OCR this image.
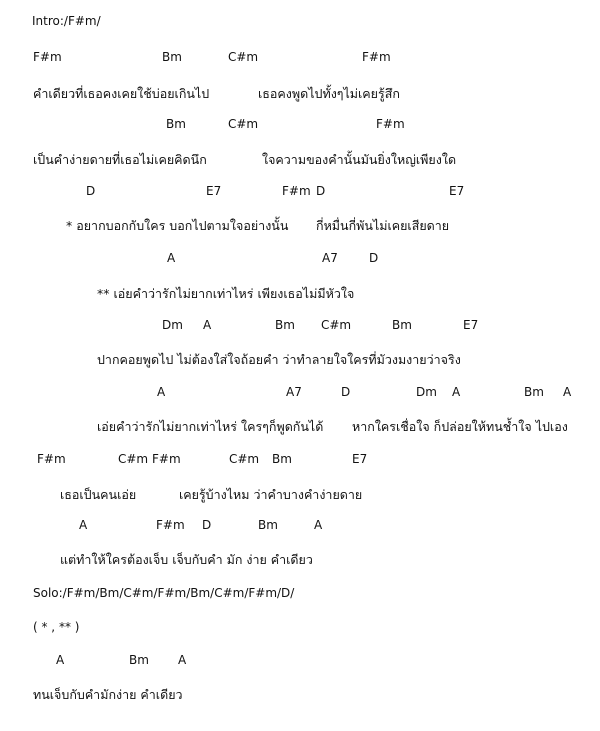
Intro:/F#m/
F#m	Bm	C#m	F#m
คำเดียวที่เธอคงเคยใช้บ่อยเกินไป	เธอคงพูดไปทั้งๆไม่เคยรู้สึก
Bm	C#m	F#m
เป็นคำง่ายดายที่เธอไม่เคยคิดนึก	ใจความของคำนั้นมันยิ่งใหญ่เพียงใด
D	E7	F#m D	E7
* อยากบอกกับใคร บอกไปตามใจอย่างนั้น กี่หมื่นกี่พันไม่เคยเสียดาย
A	A7	D
** เอ่ยคำว่ารักไม่ยากเท่าไหร่ เพียงเธอไม่มีหัวใจ
Dm A	Bm C#m	Bm	E7
ปากคอยพูดไป ไม่ต้องใส่ใจถ้อยคำ ว่าทำลายใจใครที่มัวงมงายว่าจริง
A	A7	D	Dm A	Bm A
เอ่ยคำว่ารักไม่ยากเท่าไหร่ ใครๆก็พูดกันได้ หากใครเชื่อใจ ก็ปล่อยให้ทนช้ำใจ ไปเอง
F#m	C#m F#m	C#m Bm	E7
เธอเป็นคนเอ่ย	เคยรู้บ้างไหม ว่าคำบางคำง่ายดาย
A	F#m D	Bm	A
แต่ทำให้ใครต้องเจ็บ เจ็บกับคำ มัก ง่าย คำเดียว
Solo:/F#m/Bm/C#m/F#m/Bm/C#m/F#m/D/
( * , ** )
A	Bm A
ทนเจ็บกับคำมักง่าย คำเดียว
